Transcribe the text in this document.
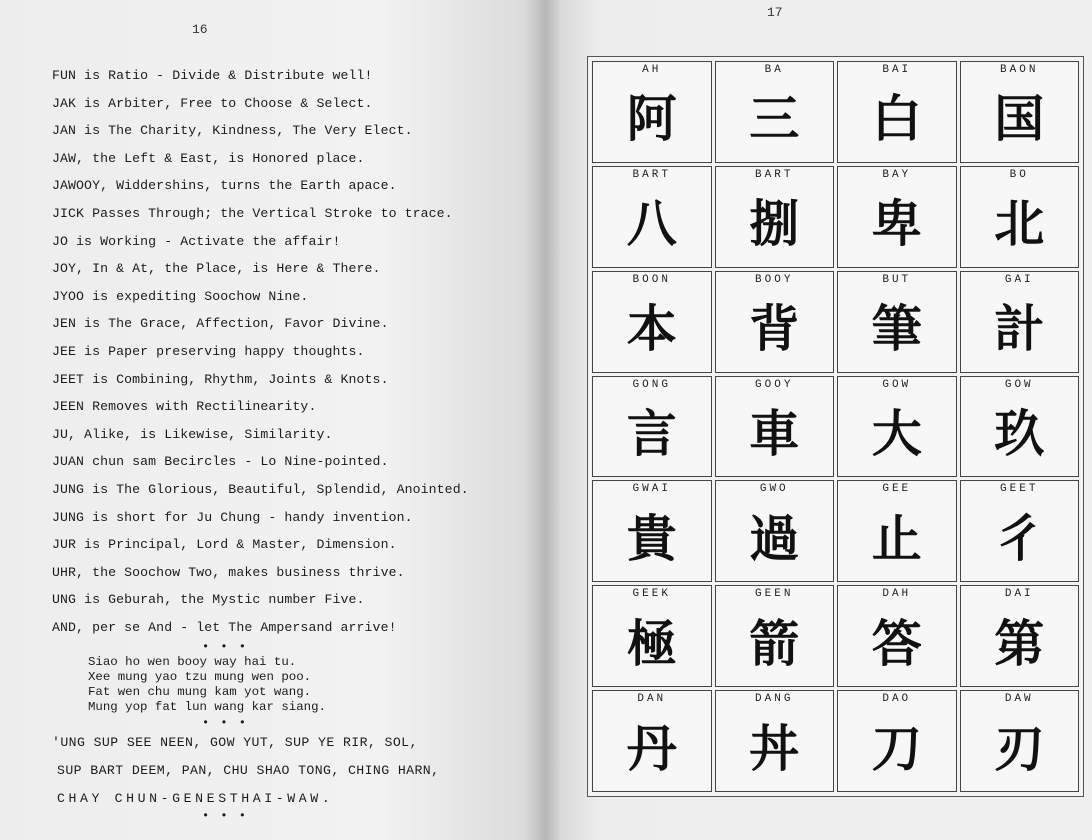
16
FUN is Ratio - Divide & Distribute well!
JAK is Arbiter, Free to Choose & Select.
JAN is The Charity, Kindness, The Very Elect.
JAW, the Left & East, is Honored place.
JAWOOY, Widdershins, turns the Earth apace.
JICK Passes Through; the Vertical Stroke to trace.
JO is Working - Activate the affair!
JOY, In & At, the Place, is Here & There.
JYOO is expediting Soochow Nine.
JEN is The Grace, Affection, Favor Divine.
JEE is Paper preserving happy thoughts.
JEET is Combining, Rhythm, Joints & Knots.
JEEN Removes with Rectilinearity.
JU, Alike, is Likewise, Similarity.
JUAN chun sam Becircles - Lo Nine-pointed.
JUNG is The Glorious, Beautiful, Splendid, Anointed.
JUNG is short for Ju Chung - handy invention.
JUR is Principal, Lord & Master, Dimension.
UHR, the Soochow Two, makes business thrive.
UNG is Geburah, the Mystic number Five.
AND, per se And - let The Ampersand arrive!
• • •
Siao ho wen booy way hai tu.
Xee mung yao tzu mung wen poo.
Fat wen chu mung kam yot wang.
Mung yop fat lun wang kar siang.
• • •
'UNG SUP SEE NEEN, GOW YUT, SUP YE RIR, SOL,
SUP BART DEEM, PAN, CHU SHAO TONG, CHING HARN,
CHAY CHUN-GENESTHAI-WAW.
• • •
17
AH
阿
BA
三
BAI
白
BAON
国
BART
八
BART
捌
BAY
卑
BO
北
BOON
本
BOOY
背
BUT
筆
GAI
計
GONG
言
GOOY
車
GOW
大
GOW
玖
GWAI
貴
GWO
過
GEE
止
GEET
彳
GEEK
極
GEEN
箭
DAH
答
DAI
第
DAN
丹
DANG
丼
DAO
刀
DAW
刃
